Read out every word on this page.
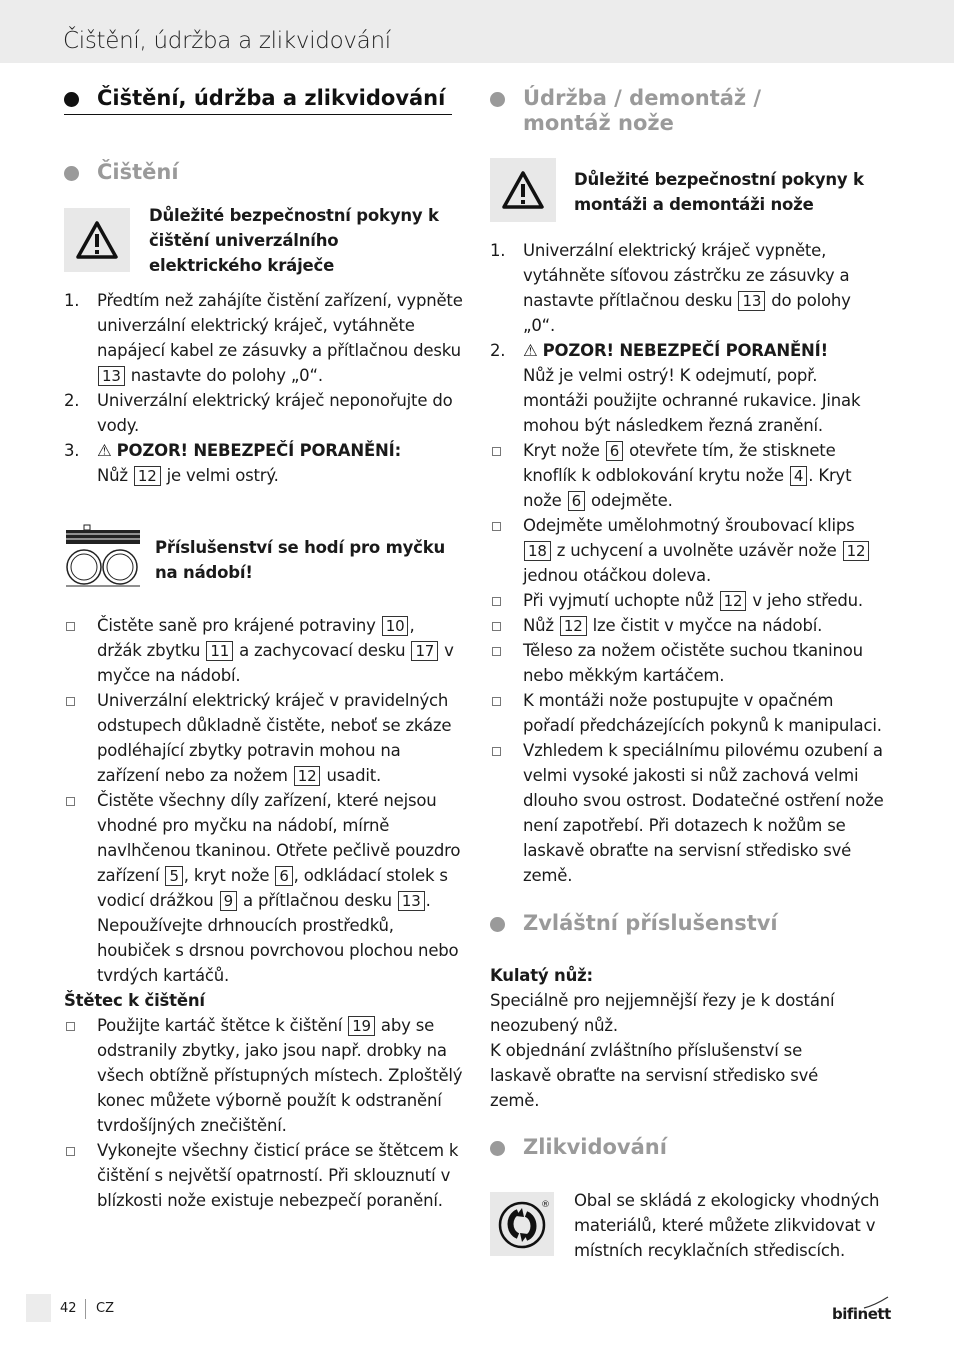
Čištění, údržba a zlikvidování
Čištění, údržba a zlikvidování
Čištění
Důležité bezpečnostní pokyny k čištění univerzálního elektrického kráječe
1. Předtím než zahájíte čistění zařízení, vypněte univerzální elektrický kráječ, vytáhněte napájecí kabel ze zásuvky a přítlačnou desku 13 nastavte do polohy „0“.
2. Univerzální elektrický kráječ neponořujte do vody.
3. ⚠ POZOR! NEBEZPEČÍ PORANĚNÍ:
Nůž 12 je velmi ostrý.
Příslušenství se hodí pro myčku na nádobí!
Čistěte saně pro krájené potraviny 10 , držák zbytku 11 a zachycovací desku 17 v myčce na nádobí.
Univerzální elektrický kráječ v pravidelných odstupech důkladně čistěte, neboť se zkáze podléhající zbytky potravin mohou na zařízení nebo za nožem 12 usadit.
Čistěte všechny díly zařízení, které nejsou vhodné pro myčku na nádobí, mírně navlhčenou tkaninou. Otřete pečlivě pouzdro zařízení 5 , kryt nože 6 , odkládací stolek s vodicí drážkou 9 a přítlačnou desku 13 . Nepoužívejte drhnoucích prostředků, houbiček s drsnou povrchovou plochou nebo tvrdých kartáčů.
Štětec k čištění
Použijte kartáč štětce k čištění 19 aby se odstranily zbytky, jako jsou např. drobky na všech obtížně přístupných místech. Zploštělý konec můžete výborně použít k odstranění tvrdošíjných znečištění.
Vykonejte všechny čisticí práce se štětcem k čištění s největší opatrností. Při sklouznutí v blízkosti nože existuje nebezpečí poranění.
Údržba / demontáž / montáž nože
Důležité bezpečnostní pokyny k montáži a demontáži nože
1. Univerzální elektrický kráječ vypněte, vytáhněte síťovou zástrčku ze zásuvky a nastavte přítlačnou desku 13 do polohy „0“.
2. ⚠ POZOR! NEBEZPEČÍ PORANĚNÍ!
Nůž je velmi ostrý! K odejmutí, popř. montáži použijte ochranné rukavice. Jinak mohou být následkem řezná zranění.
Kryt nože 6 otevřete tím, že stisknete knoflík k odblokování krytu nože 4 . Kryt nože 6 odejměte.
Odejměte umělohmotný šroubovací klips 18 z uchycení a uvolněte uzávěr nože 12 jednou otáčkou doleva.
Při vyjmutí uchopte nůž 12 v jeho středu.
Nůž 12 lze čistit v myčce na nádobí.
Těleso za nožem očistěte suchou tkaninou nebo měkkým kartáčem.
K montáži nože postupujte v opačném pořadí předcházejících pokynů k manipulaci.
Vzhledem k speciálnímu pilovému ozubení a velmi vysoké jakosti si nůž zachová velmi dlouho svou ostrost. Dodatečné ostření nože není zapotřebí. Při dotazech k nožům se laskavě obraťte na servisní středisko své země.
Zvláštní příslušenství

Kulatý nůž:

Speciálně pro nejjemnější řezy je k dostání neozubený nůž.

K objednání zvláštního příslušenství se laskavě obraťte na servisní středisko své země.

Zlikvidování
® Obal se skládá z ekologicky vhodných materiálů, které můžete zlikvidovat v místních recyklačních střediscích.
42 CZ	bifinett
